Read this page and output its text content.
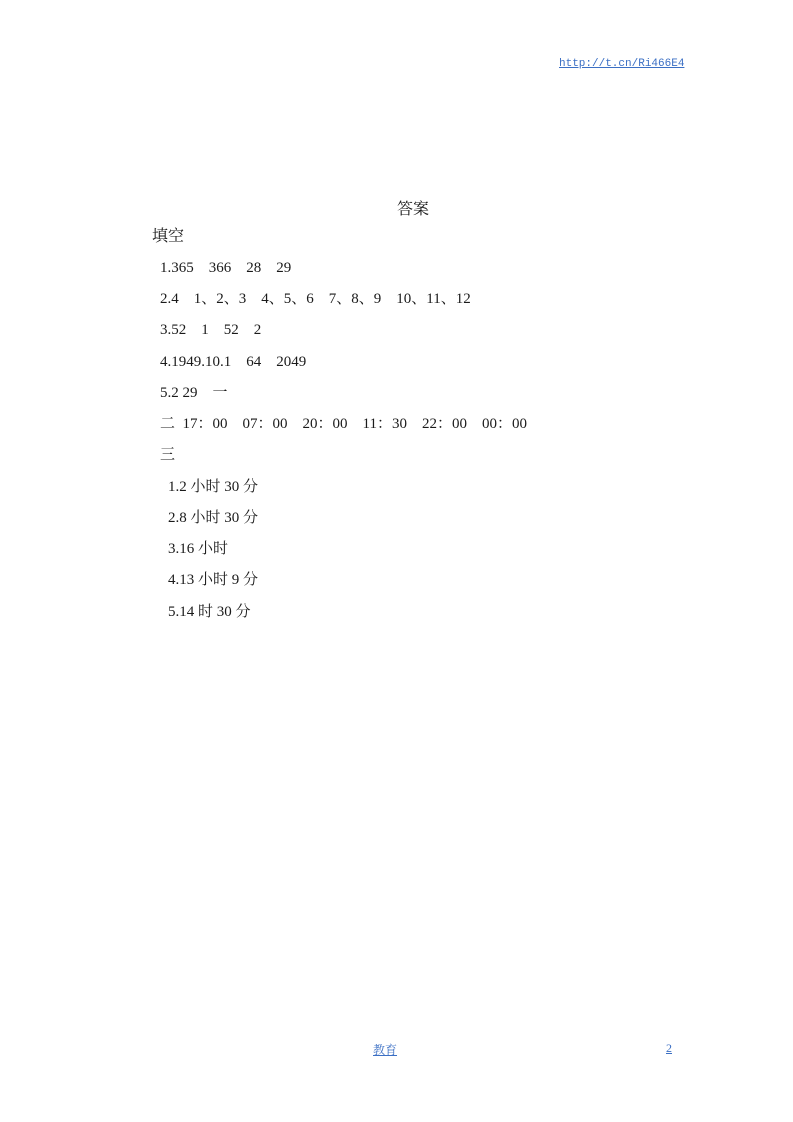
http://t.cn/Ri466E4
答案
填空
1.365    366    28    29
2.4    1、2、3    4、5、6    7、8、9    10、11、12
3.52    1    52    2
4.1949.10.1    64    2049
5.2 29    一
二  17：00    07：00    20：00    11：30    22：00    00：00
三
1.2 小时 30 分
2.8 小时 30 分
3.16 小时
4.13 小时 9 分
5.14 时 30 分
教育	2
